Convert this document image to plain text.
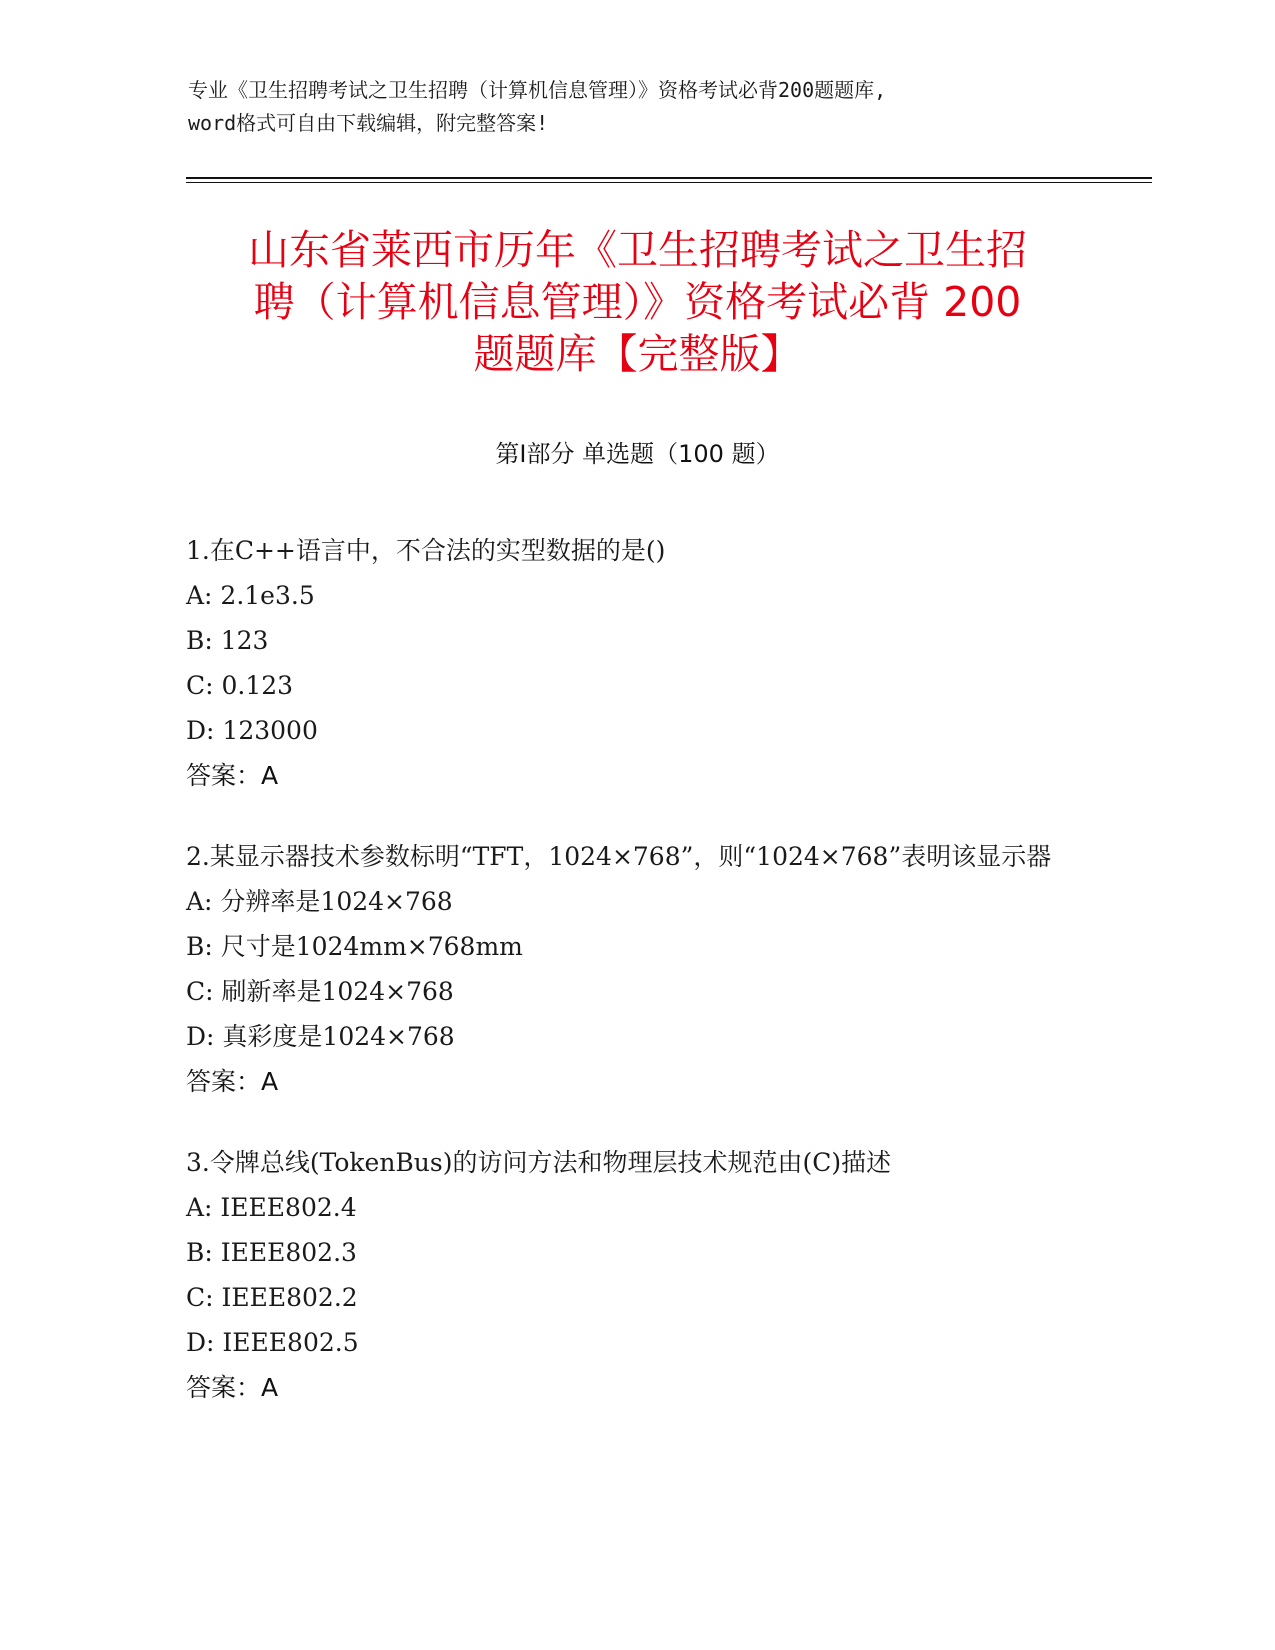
专业《卫生招聘考试之卫生招聘（计算机信息管理）》资格考试必背200题题库,
word格式可自由下载编辑，附完整答案!
山东省莱西市历年《卫生招聘考试之卫生招
聘（计算机信息管理）》资格考试必背 200
题题库【完整版】
第Ⅰ部分 单选题（100 题）

1.在C++语言中，不合法的实型数据的是()

A: 2.1e3.5

B: 123

C: 0.123

D: 123000

答案：A

2.某显示器技术参数标明“TFT，1024×768”，则“1024×768”表明该显示器

A: 分辨率是1024×768

B: 尺寸是1024mm×768mm

C: 刷新率是1024×768

D: 真彩度是1024×768

答案：A

3.令牌总线(TokenBus)的访问方法和物理层技术规范由(C)描述

A: IEEE802.4

B: IEEE802.3

C: IEEE802.2

D: IEEE802.5

答案：A
